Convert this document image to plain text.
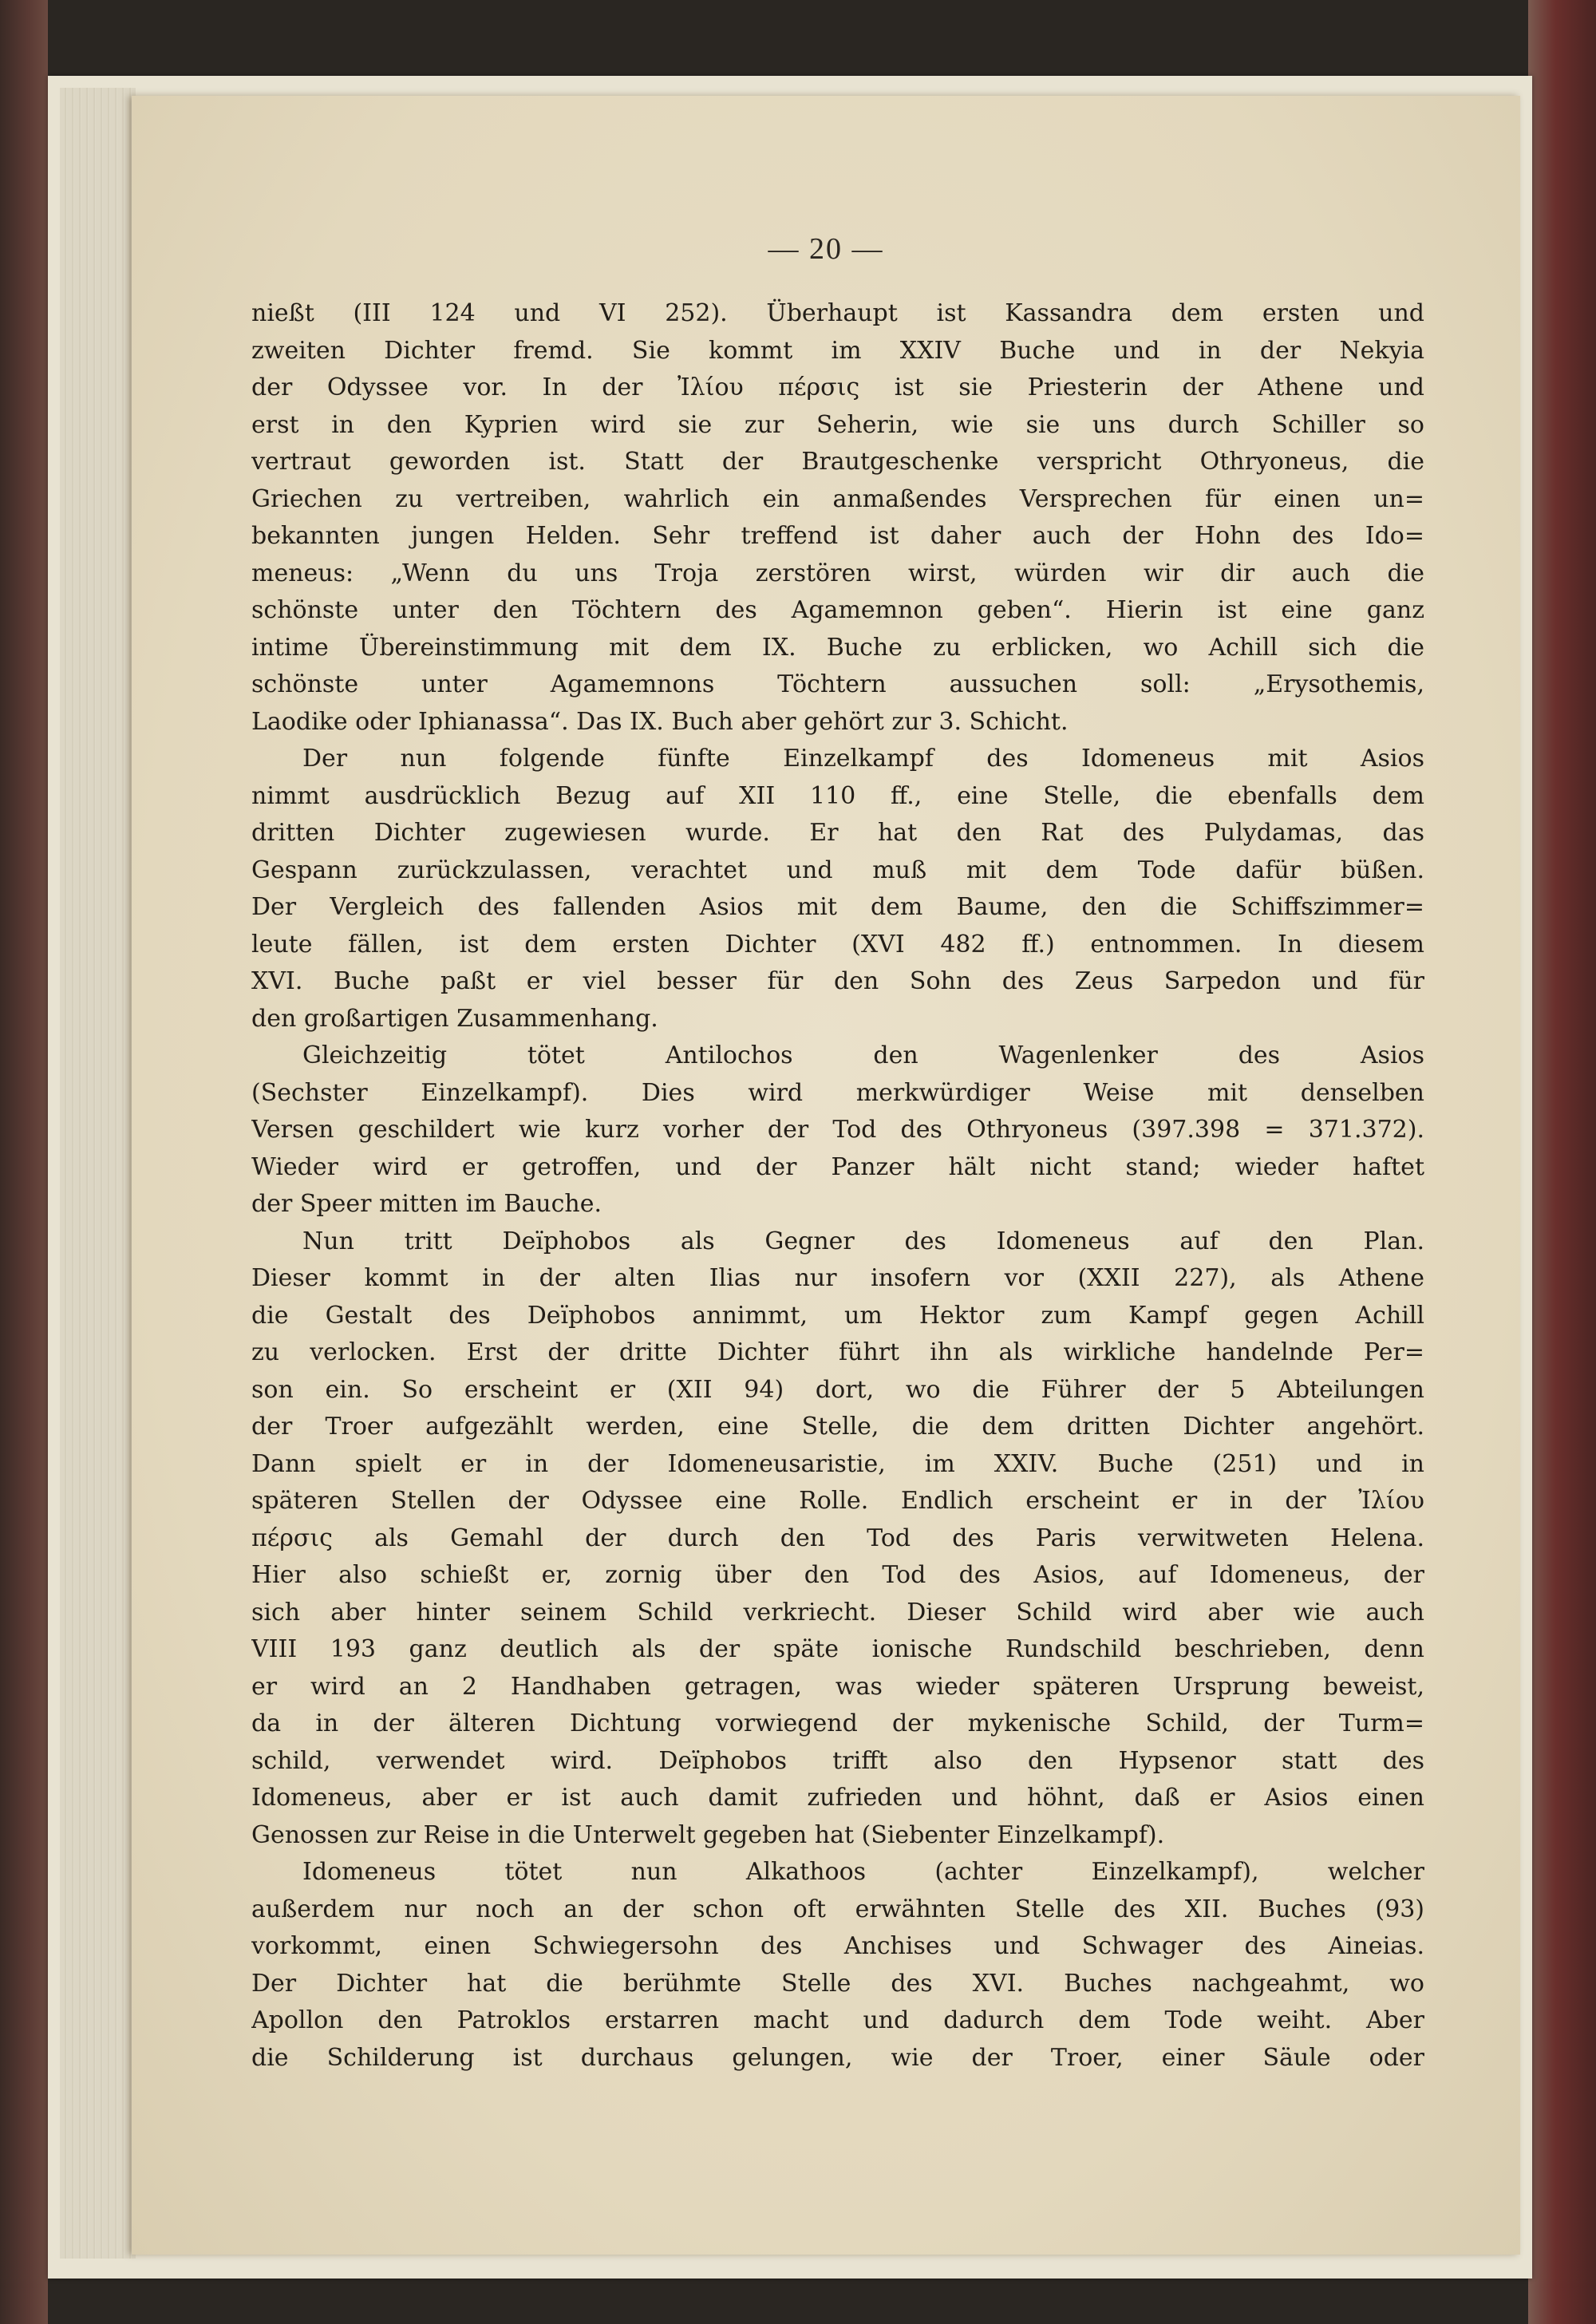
— 20 —
nießt (III 124 und VI 252). Überhaupt ist Kassandra dem ersten und
zweiten Dichter fremd. Sie kommt im XXIV Buche und in der Nekyia
der Odyssee vor. In der Ἰλίου πέρσις ist sie Priesterin der Athene und
erst in den Kyprien wird sie zur Seherin, wie sie uns durch Schiller so
vertraut geworden ist. Statt der Brautgeschenke verspricht Othryoneus, die
Griechen zu vertreiben, wahrlich ein anmaßendes Versprechen für einen un=
bekannten jungen Helden. Sehr treffend ist daher auch der Hohn des Ido=
meneus: „Wenn du uns Troja zerstören wirst, würden wir dir auch die
schönste unter den Töchtern des Agamemnon geben“. Hierin ist eine ganz
intime Übereinstimmung mit dem IX. Buche zu erblicken, wo Achill sich die
schönste unter Agamemnons Töchtern aussuchen soll: „Erysothemis,
Laodike oder Iphianassa“. Das IX. Buch aber gehört zur 3. Schicht.
Der nun folgende fünfte Einzelkampf des Idomeneus mit Asios
nimmt ausdrücklich Bezug auf XII 110 ff., eine Stelle, die ebenfalls dem
dritten Dichter zugewiesen wurde. Er hat den Rat des Pulydamas, das
Gespann zurückzulassen, verachtet und muß mit dem Tode dafür büßen.
Der Vergleich des fallenden Asios mit dem Baume, den die Schiffszimmer=
leute fällen, ist dem ersten Dichter (XVI 482 ff.) entnommen. In diesem
XVI. Buche paßt er viel besser für den Sohn des Zeus Sarpedon und für
den großartigen Zusammenhang.
Gleichzeitig tötet Antilochos den Wagenlenker des Asios
(Sechster Einzelkampf). Dies wird merkwürdiger Weise mit denselben
Versen geschildert wie kurz vorher der Tod des Othryoneus (397.398 = 371.372).
Wieder wird er getroffen, und der Panzer hält nicht stand; wieder haftet
der Speer mitten im Bauche.
Nun tritt Deïphobos als Gegner des Idomeneus auf den Plan.
Dieser kommt in der alten Ilias nur insofern vor (XXII 227), als Athene
die Gestalt des Deïphobos annimmt, um Hektor zum Kampf gegen Achill
zu verlocken. Erst der dritte Dichter führt ihn als wirkliche handelnde Per=
son ein. So erscheint er (XII 94) dort, wo die Führer der 5 Abteilungen
der Troer aufgezählt werden, eine Stelle, die dem dritten Dichter angehört.
Dann spielt er in der Idomeneusaristie, im XXIV. Buche (251) und in
späteren Stellen der Odyssee eine Rolle. Endlich erscheint er in der Ἰλίου
πέρσις als Gemahl der durch den Tod des Paris verwitweten Helena.
Hier also schießt er, zornig über den Tod des Asios, auf Idomeneus, der
sich aber hinter seinem Schild verkriecht. Dieser Schild wird aber wie auch
VIII 193 ganz deutlich als der späte ionische Rundschild beschrieben, denn
er wird an 2 Handhaben getragen, was wieder späteren Ursprung beweist,
da in der älteren Dichtung vorwiegend der mykenische Schild, der Turm=
schild, verwendet wird. Deïphobos trifft also den Hypsenor statt des
Idomeneus, aber er ist auch damit zufrieden und höhnt, daß er Asios einen
Genossen zur Reise in die Unterwelt gegeben hat (Siebenter Einzelkampf).
Idomeneus tötet nun Alkathoos (achter Einzelkampf), welcher
außerdem nur noch an der schon oft erwähnten Stelle des XII. Buches (93)
vorkommt, einen Schwiegersohn des Anchises und Schwager des Aineias.
Der Dichter hat die berühmte Stelle des XVI. Buches nachgeahmt, wo
Apollon den Patroklos erstarren macht und dadurch dem Tode weiht. Aber
die Schilderung ist durchaus gelungen, wie der Troer, einer Säule oder
